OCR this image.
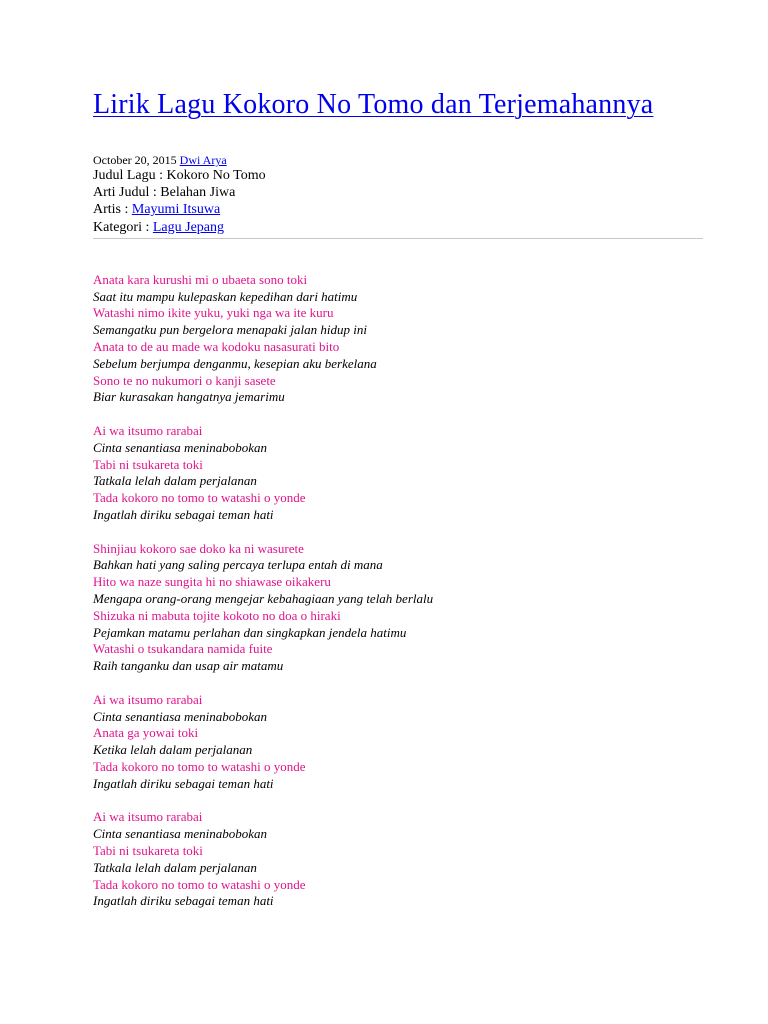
Lirik Lagu Kokoro No Tomo dan Terjemahannya
October 20, 2015 Dwi Arya
Judul Lagu : Kokoro No Tomo
Arti Judul : Belahan Jiwa
Artis : Mayumi Itsuwa
Kategori : Lagu Jepang
Anata kara kurushi mi o ubaeta sono toki
Saat itu mampu kulepaskan kepedihan dari hatimu
Watashi nimo ikite yuku, yuki nga wa ite kuru
Semangatku pun bergelora menapaki jalan hidup ini
Anata to de au made wa kodoku nasasurati bito
Sebelum berjumpa denganmu, kesepian aku berkelana
Sono te no nukumori o kanji sasete
Biar kurasakan hangatnya jemarimu
Ai wa itsumo rarabai
Cinta senantiasa meninabobokan
Tabi ni tsukareta toki
Tatkala lelah dalam perjalanan
Tada kokoro no tomo to watashi o yonde
Ingatlah diriku sebagai teman hati
Shinjiau kokoro sae doko ka ni wasurete
Bahkan hati yang saling percaya terlupa entah di mana
Hito wa naze sungita hi no shiawase oikakeru
Mengapa orang-orang mengejar kebahagiaan yang telah berlalu
Shizuka ni mabuta tojite kokoto no doa o hiraki
Pejamkan matamu perlahan dan singkapkan jendela hatimu
Watashi o tsukandara namida fuite
Raih tanganku dan usap air matamu
Ai wa itsumo rarabai
Cinta senantiasa meninabobokan
Anata ga yowai toki
Ketika lelah dalam perjalanan
Tada kokoro no tomo to watashi o yonde
Ingatlah diriku sebagai teman hati
Ai wa itsumo rarabai
Cinta senantiasa meninabobokan
Tabi ni tsukareta toki
Tatkala lelah dalam perjalanan
Tada kokoro no tomo to watashi o yonde
Ingatlah diriku sebagai teman hati
